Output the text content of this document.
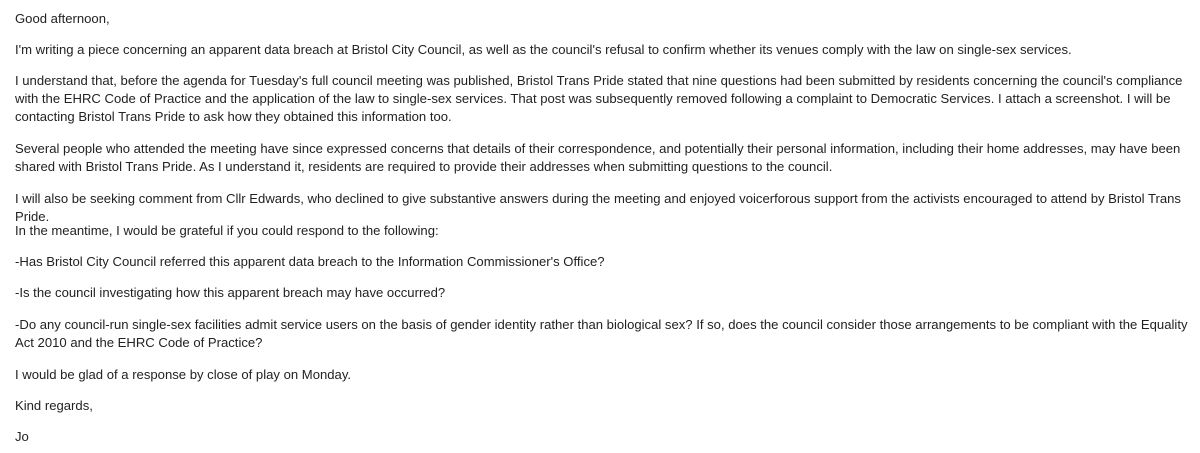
Good afternoon,

I'm writing a piece concerning an apparent data breach at Bristol City Council, as well as the council's refusal to confirm whether its venues comply with the law on single-sex services.

I understand that, before the agenda for Tuesday's full council meeting was published, Bristol Trans Pride stated that nine questions had been submitted by residents concerning the council's compliance with the EHRC Code of Practice and the application of the law to single-sex services. That post was subsequently removed following a complaint to Democratic Services. I attach a screenshot. I will be contacting Bristol Trans Pride to ask how they obtained this information too.

Several people who attended the meeting have since expressed concerns that details of their correspondence, and potentially their personal information, including their home addresses, may have been shared with Bristol Trans Pride. As I understand it, residents are required to provide their addresses when submitting questions to the council.

I will also be seeking comment from Cllr Edwards, who declined to give substantive answers during the meeting and enjoyed voicerforous support from the activists encouraged to attend by Bristol Trans Pride.

In the meantime, I would be grateful if you could respond to the following:

-Has Bristol City Council referred this apparent data breach to the Information Commissioner's Office?

-Is the council investigating how this apparent breach may have occurred?

-Do any council-run single-sex facilities admit service users on the basis of gender identity rather than biological sex? If so, does the council consider those arrangements to be compliant with the Equality Act 2010 and the EHRC Code of Practice?

I would be glad of a response by close of play on Monday.

Kind regards,

Jo
